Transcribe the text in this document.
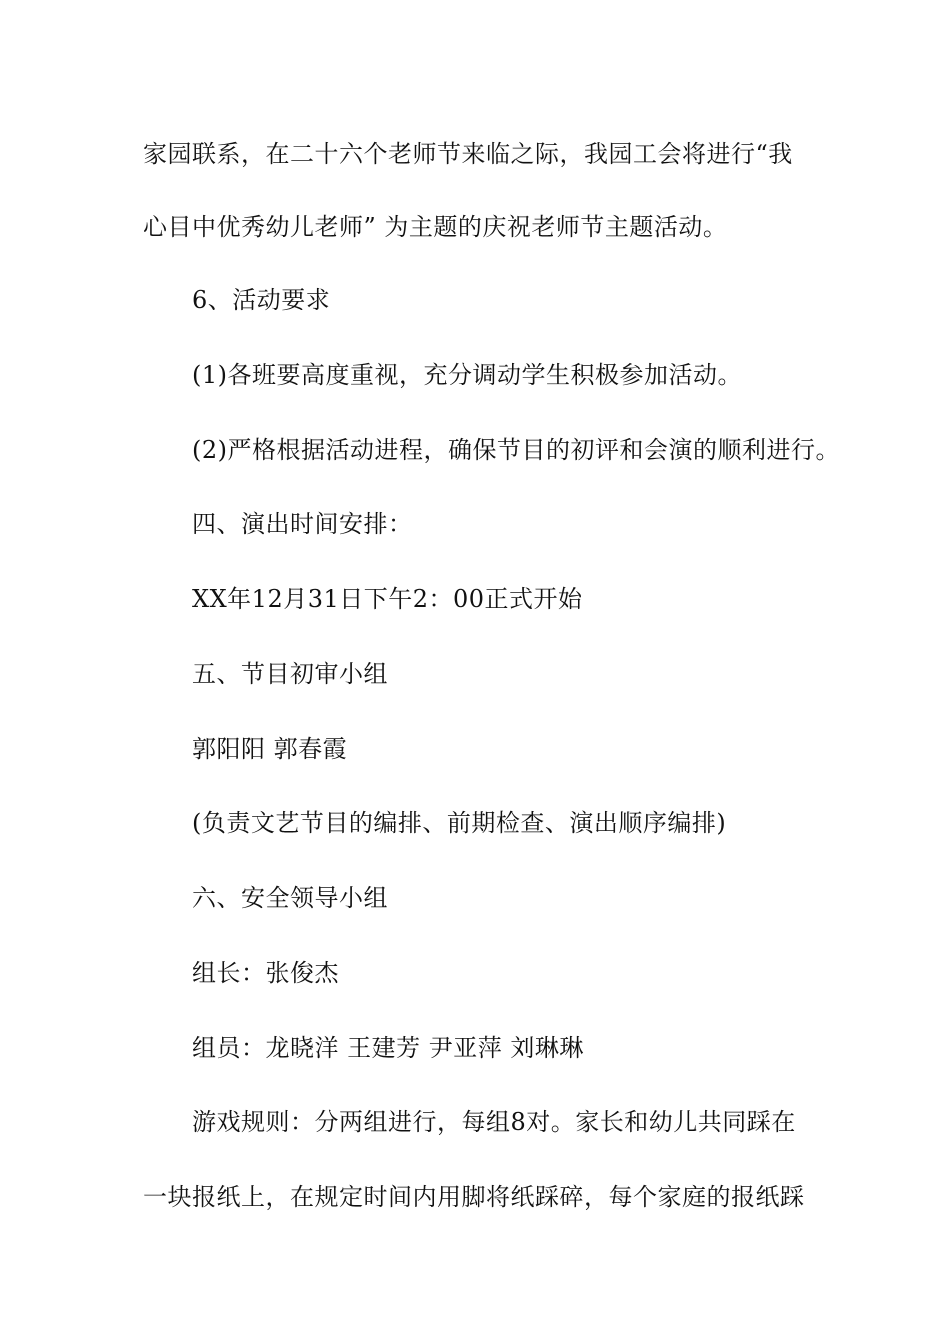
家园联系，在二十六个老师节来临之际，我园工会将进行“我
心目中优秀幼儿老师” 为主题的庆祝老师节主题活动。
6、活动要求
(1)各班要高度重视，充分调动学生积极参加活动。
(2)严格根据活动进程，确保节目的初评和会演的顺利进行。
四、演出时间安排：
XX年12月31日下午2：00正式开始
五、节目初审小组
郭阳阳 郭春霞
(负责文艺节目的编排、前期检查、演出顺序编排)
六、安全领导小组
组长：张俊杰
组员：龙晓洋 王建芳 尹亚萍 刘琳琳
游戏规则：分两组进行，每组8对。家长和幼儿共同踩在
一块报纸上，在规定时间内用脚将纸踩碎，每个家庭的报纸踩
